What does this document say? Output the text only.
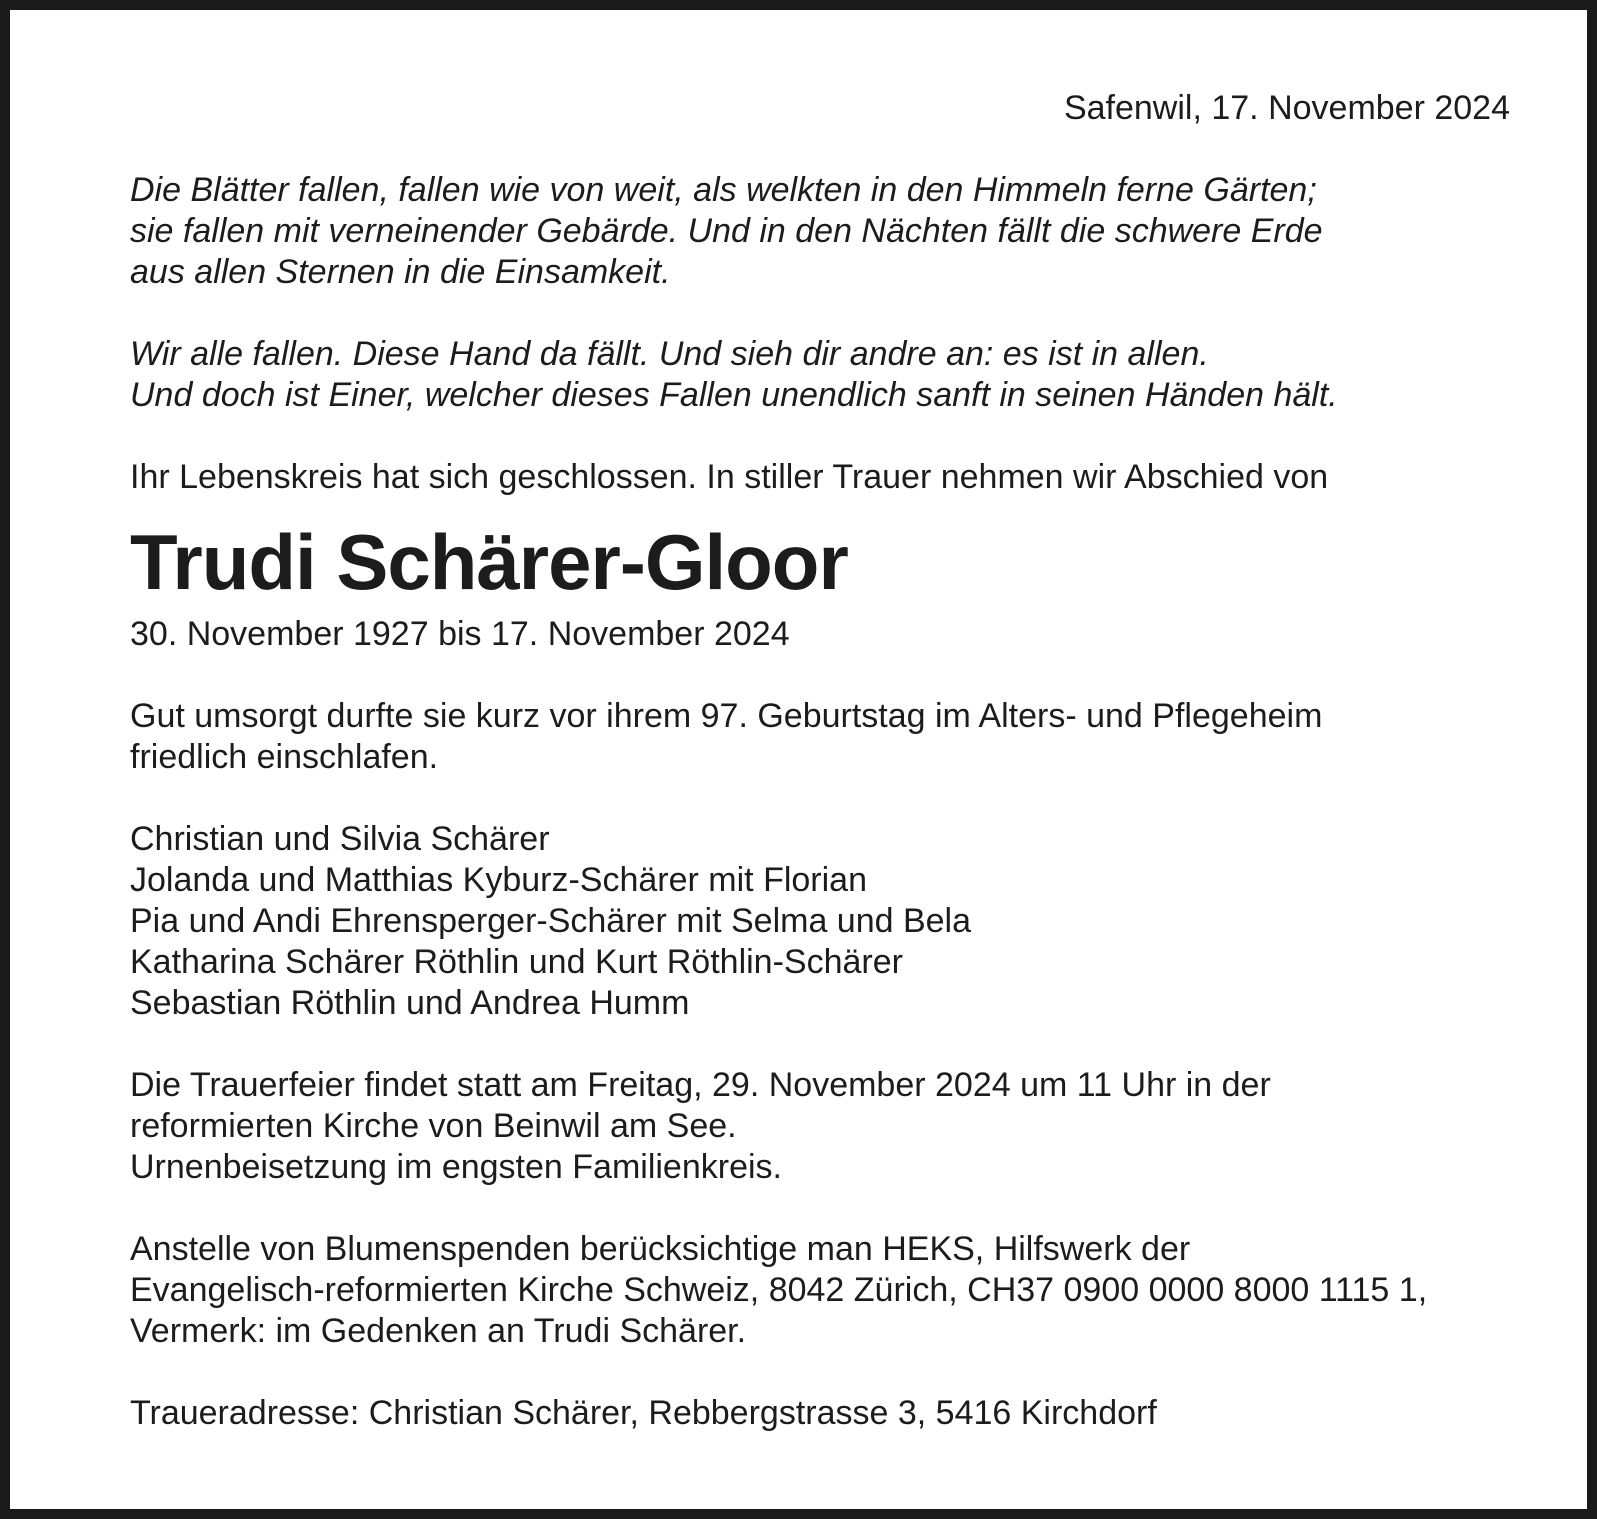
Safenwil, 17. November 2024

Die Blätter fallen, fallen wie von weit, als welkten in den Himmeln ferne Gärten;
sie fallen mit verneinender Gebärde. Und in den Nächten fällt die schwere Erde
aus allen Sternen in die Einsamkeit.
Wir alle fallen. Diese Hand da fällt. Und sieh dir andre an: es ist in allen.
Und doch ist Einer, welcher dieses Fallen unendlich sanft in seinen Händen hält.
Ihr Lebenskreis hat sich geschlossen. In stiller Trauer nehmen wir Abschied von
Trudi Schärer-Gloor
30. November 1927 bis 17. November 2024
Gut umsorgt durfte sie kurz vor ihrem 97. Geburtstag im Alters- und Pflegeheim
friedlich einschlafen.
Christian und Silvia Schärer
Jolanda und Matthias Kyburz-Schärer mit Florian
Pia und Andi Ehrensperger-Schärer mit Selma und Bela
Katharina Schärer Röthlin und Kurt Röthlin-Schärer
Sebastian Röthlin und Andrea Humm
Die Trauerfeier findet statt am Freitag, 29. November 2024 um 11 Uhr in der
reformierten Kirche von Beinwil am See.
Urnenbeisetzung im engsten Familienkreis.
Anstelle von Blumenspenden berücksichtige man HEKS, Hilfswerk der
Evangelisch-reformierten Kirche Schweiz, 8042 Zürich, CH37 0900 0000 8000 1115 1,
Vermerk: im Gedenken an Trudi Schärer.
Traueradresse: Christian Schärer, Rebbergstrasse 3, 5416 Kirchdorf
